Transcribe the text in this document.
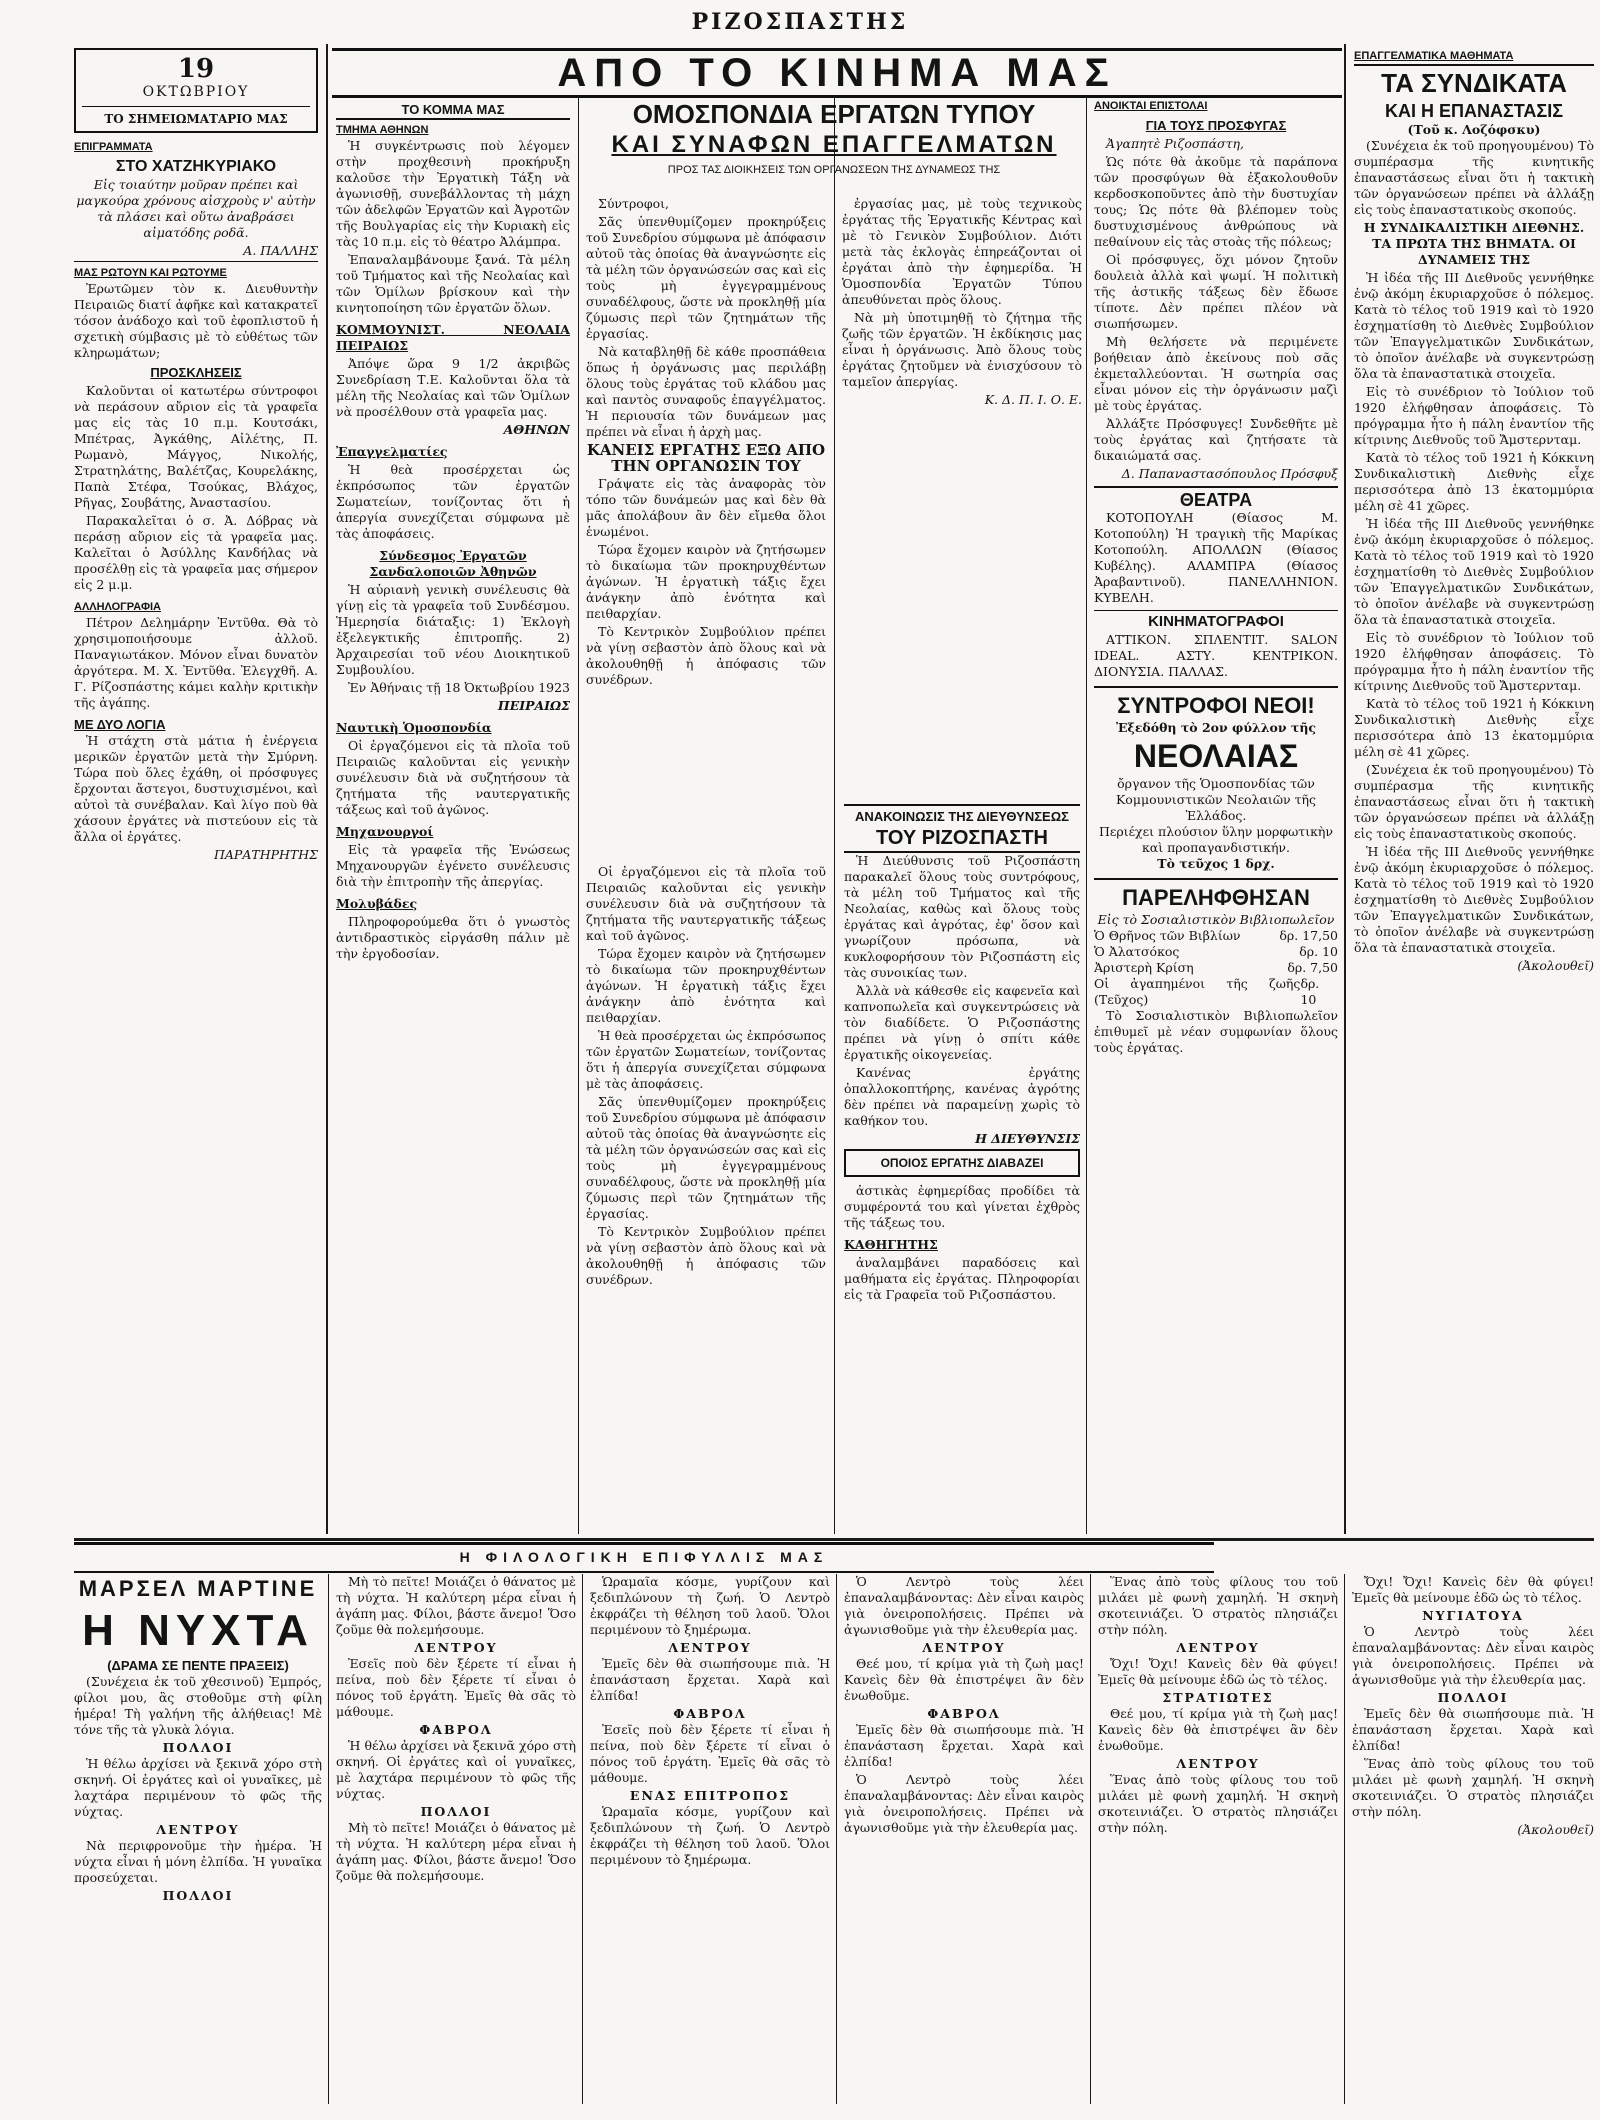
ΡΙΖΟΣΠΑΣΤΗΣ
ΑΠΟ ΤΟ ΚΙΝΗΜΑ ΜΑΣ
19
ΟΚΤΩΒΡΙΟΥ
ΤΟ ΣΗΜΕΙΩΜΑΤΑΡΙΟ ΜΑΣ
ΕΠΙΓΡΑΜΜΑΤΑ
ΣΤΟ ΧΑΤΖΗΚΥΡΙΑΚΟ

Εἰς τοιαύτην μοῦραν πρέπει καὶ μαγκούρα χρόνους αἰσχροὺς ν' αὐτὴν τὰ πλάσει καὶ οὕτω ἀναβράσει αἰματόδης ροδᾶ.

Α. ΠΑΛΛΗΣ

ΜΑΣ ΡΩΤΟΥΝ ΚΑΙ ΡΩΤΟΥΜΕ

Ἐρωτῶμεν τὸν κ. Διευθυντὴν Πειραιῶς διατί ἀφῆκε καὶ κατακρατεῖ τόσον ἀνάδοχο καὶ τοῦ ἐφοπλιστοῦ ἡ σχετικὴ σύμβασις μὲ τὸ εὐθέτως τῶν κληρωμάτων;

ΠΡΟΣΚΛΗΣΕΙΣ

Καλοῦνται οἱ κατωτέρω σύντροφοι νὰ περάσουν αὔριον εἰς τὰ γραφεῖα μας εἰς τὰς 10 π.μ. Κουτσάκι, Μπέτρας, Ἀγκάθης, Αἰλέτης, Π. Ρωμανὸ, Μάγγος, Νικολής, Στρατηλάτης, Βαλέτζας, Κουρελάκης, Παπὰ Στέφα, Τσούκας, Βλάχος, Ρῆγας, Σουβάτης, Ἀναστασίου.

Παρακαλεῖται ὁ σ. Ἀ. Δόβρας νὰ περάσῃ αὔριον εἰς τὰ γραφεῖα μας. Καλεῖται ὁ Ἀσύλλης Κανδήλας νὰ προσέλθῃ εἰς τὰ γραφεῖα μας σήμερον εἰς 2 μ.μ.

ΑΛΛΗΛΟΓΡΑΦΙΑ

Πέτρον Δελημάρην Ἐντῦθα. Θὰ τὸ χρησιμοποιήσουμε ἀλλοῦ. Παναγιωτάκον. Μόνον εἶναι δυνατὸν ἀργότερα. Μ. Χ. Ἐντῦθα. Ἐλεγχθῆ. Α. Γ. Ρίζοσπάστης κάμει καλὴν κριτικὴν τῆς ἀγάπης.

ΜΕ ΔΥΟ ΛΟΓΙΑ

Ἡ στάχτη στὰ μάτια ἡ ἐνέργεια μερικῶν ἐργατῶν μετὰ τὴν Σμύρνη. Τώρα ποὺ ὅλες ἐχάθη, οἱ πρόσφυγες ἔρχονται ἄστεγοι, δυστυχισμένοι, καὶ αὐτοὶ τὰ συνέβαλαν. Καὶ λίγο ποὺ θὰ χάσουν ἐργάτες νὰ πιστεύουν εἰς τὰ ἄλλα οἱ ἐργάτες.

ΠΑΡΑΤΗΡΗΤΗΣ

ΤΟ ΚΟΜΜΑ ΜΑΣ
ΤΜΗΜΑ ΑΘΗΝΩΝ

Ἡ συγκέντρωσις ποὺ λέγομεν στὴν προχθεσινὴ προκήρυξη καλοῦσε τὴν Ἐργατικὴ Τάξη νὰ ἀγωνισθῇ, συνεβάλλοντας τὴ μάχη τῶν ἀδελφῶν Ἐργατῶν καὶ Ἀγροτῶν τῆς Βουλγαρίας εἰς τὴν Κυριακὴ εἰς τὰς 10 π.μ. εἰς τὸ θέατρο Ἀλάμπρα.

Ἐπαναλαμβάνουμε ξανά. Τὰ μέλη τοῦ Τμήματος καὶ τῆς Νεολαίας καὶ τῶν Ὁμίλων βρίσκουν καὶ τὴν κινητοποίηση τῶν ἐργατῶν ὅλων.

ΚΟΜΜΟΥΝΙΣΤ. ΝΕΟΛΑΙΑ ΠΕΙΡΑΙΩΣ

Ἀπόψε ὥρα 9 1/2 ἀκριβῶς Συνεδρίαση Τ.Ε. Καλοῦνται ὅλα τὰ μέλη τῆς Νεολαίας καὶ τῶν Ὁμίλων νὰ προσέλθουν στὰ γραφεῖα μας.

ΑΘΗΝΩΝ
Ἐπαγγελματίες

Ἡ θεὰ προσέρχεται ὡς ἐκπρόσωπος τῶν ἐργατῶν Σωματείων, τονίζοντας ὅτι ἡ ἀπεργία συνεχίζεται σύμφωνα μὲ τὰς ἀποφάσεις.

Σύνδεσμος Ἐργατῶν Σανδαλοποιῶν Ἀθηνῶν

Ἡ αὐριανὴ γενικὴ συνέλευσις θὰ γίνῃ εἰς τὰ γραφεῖα τοῦ Συνδέσμου. Ἡμερησία διάταξις: 1) Ἐκλογὴ ἐξελεγκτικῆς ἐπιτροπῆς. 2) Ἀρχαιρεσίαι τοῦ νέου Διοικητικοῦ Συμβουλίου.

Ἐν Ἀθήναις τῇ 18 Ὀκτωβρίου 1923

ΠΕΙΡΑΙΩΣ
Ναυτικὴ Ὁμοσπονδία

Οἱ ἐργαζόμενοι εἰς τὰ πλοῖα τοῦ Πειραιῶς καλοῦνται εἰς γενικὴν συνέλευσιν διὰ νὰ συζητήσουν τὰ ζητήματα τῆς ναυτεργατικῆς τάξεως καὶ τοῦ ἀγῶνος.

Μηχανουργοί

Εἰς τὰ γραφεῖα τῆς Ἑνώσεως Μηχανουργῶν ἐγένετο συνέλευσις διὰ τὴν ἐπιτροπὴν τῆς ἀπεργίας.

Μολυβάδες

Πληροφορούμεθα ὅτι ὁ γνωστὸς ἀντιδραστικὸς εἰργάσθη πάλιν μὲ τὴν ἐργοδοσίαν.

ΟΜΟΣΠΟΝΔΙΑ ΕΡΓΑΤΩΝ ΤΥΠΟΥ
ΚΑΙ ΣΥΝΑΦΩΝ ΕΠΑΓΓΕΛΜΑΤΩΝ
ΠΡΟΣ ΤΑΣ ΔΙΟΙΚΗΣΕΙΣ ΤΩΝ ΟΡΓΑΝΩΣΕΩΝ ΤΗΣ ΔΥΝΑΜΕΩΣ ΤΗΣ

Σύντροφοι,

Σᾶς ὑπενθυμίζομεν προκηρύξεις τοῦ Συνεδρίου σύμφωνα μὲ ἀπόφασιν αὐτοῦ τὰς ὁποίας θὰ ἀναγνώσητε εἰς τὰ μέλη τῶν ὀργανώσεών σας καὶ εἰς τοὺς μὴ ἐγγεγραμμένους συναδέλφους, ὥστε νὰ προκληθῇ μία ζύμωσις περὶ τῶν ζητημάτων τῆς ἐργασίας.

Νὰ καταβληθῇ δὲ κάθε προσπάθεια ὅπως ἡ ὀργάνωσις μας περιλάβῃ ὅλους τοὺς ἐργάτας τοῦ κλάδου μας καὶ παντὸς συναφοῦς ἐπαγγέλματος. Ἡ περιουσία τῶν δυνάμεων μας πρέπει νὰ εἶναι ἡ ἀρχὴ μας.

ΚΑΝΕΙΣ ΕΡΓΑΤΗΣ ΕΞΩ ΑΠΟ ΤΗΝ ΟΡΓΑΝΩΣΙΝ ΤΟΥ

Γράψατε εἰς τὰς ἀναφορὰς τὸν τόπο τῶν δυνάμεών μας καὶ δὲν θὰ μᾶς ἀπολάβουν ἂν δὲν εἴμεθα ὅλοι ἑνωμένοι.

Τώρα ἔχομεν καιρὸν νὰ ζητήσωμεν τὸ δικαίωμα τῶν προκηρυχθέντων ἀγώνων. Ἡ ἐργατικὴ τάξις ἔχει ἀνάγκην ἀπὸ ἑνότητα καὶ πειθαρχίαν.

Τὸ Κεντρικὸν Συμβούλιον πρέπει νὰ γίνῃ σεβαστὸν ἀπὸ ὅλους καὶ νὰ ἀκολουθηθῇ ἡ ἀπόφασις τῶν συνέδρων.

ἐργασίας μας, μὲ τοὺς τεχνικοὺς ἐργάτας τῆς Ἐργατικῆς Κέντρας καὶ μὲ τὸ Γενικὸν Συμβούλιον. Διότι μετὰ τὰς ἐκλογὰς ἐπηρεάζονται οἱ ἐργάται ἀπὸ τὴν ἐφημερίδα. Ἡ Ὁμοσπονδία Ἐργατῶν Τύπου ἀπευθύνεται πρὸς ὅλους.

Νὰ μὴ ὑποτιμηθῇ τὸ ζήτημα τῆς ζωῆς τῶν ἐργατῶν. Ἡ ἐκδίκησις μας εἶναι ἡ ὀργάνωσις. Ἀπὸ ὅλους τοὺς ἐργάτας ζητοῦμεν νὰ ἐνισχύσουν τὸ ταμεῖον ἀπεργίας.

Κ. Δ. Π. Ι. Ο. Ε.

ΑΝΑΚΟΙΝΩΣΙΣ ΤΗΣ ΔΙΕΥΘΥΝΣΕΩΣ
ΤΟΥ ΡΙΖΟΣΠΑΣΤΗ

Ἡ Διεύθυνσις τοῦ Ριζοσπάστη παρακαλεῖ ὅλους τοὺς συντρόφους, τὰ μέλη τοῦ Τμήματος καὶ τῆς Νεολαίας, καθὼς καὶ ὅλους τοὺς ἐργάτας καὶ ἀγρότας, ἐφ' ὅσον καὶ γνωρίζουν πρόσωπα, νὰ κυκλοφορήσουν τὸν Ριζοσπάστη εἰς τὰς συνοικίας των.

Ἀλλὰ νὰ κάθεσθε εἰς καφενεῖα καὶ καπνοπωλεῖα καὶ συγκεντρώσεις νὰ τὸν διαδίδετε. Ὁ Ριζοσπάστης πρέπει νὰ γίνῃ ὁ σπίτι κάθε ἐργατικῆς οἰκογενείας.

Κανένας ἐργάτης ὀπαλλοκοπτήρης, κανένας ἀγρότης δὲν πρέπει νὰ παραμείνῃ χωρὶς τὸ καθήκον του.

Η ΔΙΕΥΘΥΝΣΙΣ

ΟΠΟΙΟΣ ΕΡΓΑΤΗΣ ΔΙΑΒΑΖΕΙ

ἀστικὰς ἐφημερίδας προδίδει τὰ συμφέροντά του καὶ γίνεται ἐχθρὸς τῆς τάξεως του.

ΚΑΘΗΓΗΤΗΣ

ἀναλαμβάνει παραδόσεις καὶ μαθήματα εἰς ἐργάτας. Πληροφορίαι εἰς τὰ Γραφεῖα τοῦ Ριζοσπάστου.

Οἱ ἐργαζόμενοι εἰς τὰ πλοῖα τοῦ Πειραιῶς καλοῦνται εἰς γενικὴν συνέλευσιν διὰ νὰ συζητήσουν τὰ ζητήματα τῆς ναυτεργατικῆς τάξεως καὶ τοῦ ἀγῶνος.

Τώρα ἔχομεν καιρὸν νὰ ζητήσωμεν τὸ δικαίωμα τῶν προκηρυχθέντων ἀγώνων. Ἡ ἐργατικὴ τάξις ἔχει ἀνάγκην ἀπὸ ἑνότητα καὶ πειθαρχίαν.

Ἡ θεὰ προσέρχεται ὡς ἐκπρόσωπος τῶν ἐργατῶν Σωματείων, τονίζοντας ὅτι ἡ ἀπεργία συνεχίζεται σύμφωνα μὲ τὰς ἀποφάσεις.

Σᾶς ὑπενθυμίζομεν προκηρύξεις τοῦ Συνεδρίου σύμφωνα μὲ ἀπόφασιν αὐτοῦ τὰς ὁποίας θὰ ἀναγνώσητε εἰς τὰ μέλη τῶν ὀργανώσεών σας καὶ εἰς τοὺς μὴ ἐγγεγραμμένους συναδέλφους, ὥστε νὰ προκληθῇ μία ζύμωσις περὶ τῶν ζητημάτων τῆς ἐργασίας.

Τὸ Κεντρικὸν Συμβούλιον πρέπει νὰ γίνῃ σεβαστὸν ἀπὸ ὅλους καὶ νὰ ἀκολουθηθῇ ἡ ἀπόφασις τῶν συνέδρων.

ΑΝΟΙΚΤΑΙ ΕΠΙΣΤΟΛΑΙ
ΓΙΑ ΤΟΥΣ ΠΡΟΣΦΥΓΑΣ

Ἀγαπητὲ Ριζοσπάστη,

Ὡς πότε θὰ ἀκοῦμε τὰ παράπονα τῶν προσφύγων θὰ ἐξακολουθοῦν κερδοσκοποῦντες ἀπὸ τὴν δυστυχίαν τους; Ὡς πότε θὰ βλέπομεν τοὺς δυστυχισμένους ἀνθρώπους νὰ πεθαίνουν εἰς τὰς στοὰς τῆς πόλεως;

Οἱ πρόσφυγες, ὅχι μόνον ζητοῦν δουλειὰ ἀλλὰ καὶ ψωμί. Ἡ πολιτικὴ τῆς ἀστικῆς τάξεως δὲν ἔδωσε τίποτε. Δὲν πρέπει πλέον νὰ σιωπήσωμεν.

Μὴ θελήσετε νὰ περιμένετε βοήθειαν ἀπὸ ἐκείνους ποὺ σᾶς ἐκμεταλλεύονται. Ἡ σωτηρία σας εἶναι μόνον εἰς τὴν ὀργάνωσιν μαζὶ μὲ τοὺς ἐργάτας.

Ἀλλάξτε Πρόσφυγες! Συνδεθῆτε μὲ τοὺς ἐργάτας καὶ ζητήσατε τὰ δικαιώματά σας.

Δ. Παπαναστασόπουλος Πρόσφυξ

ΘΕΑΤΡΑ

ΚΟΤΟΠΟΥΛΗ (Θίασος Μ. Κοτοπούλη) Ἡ τραγικὴ τῆς Μαρίκας Κοτοπούλη. ΑΠΟΛΛΩΝ (Θίασος Κυβέλης). ΑΛΑΜΠΡΑ (Θίασος Ἀραβαντινοῦ). ΠΑΝΕΛΛΗΝΙΟΝ. ΚΥΒΕΛΗ.

ΚΙΝΗΜΑΤΟΓΡΑΦΟΙ

ΑΤΤΙΚΟΝ. ΣΠΛΕΝΤΙΤ. SALON IDEAL. ΑΣΤΥ. ΚΕΝΤΡΙΚΟΝ. ΔΙΟΝΥΣΙΑ. ΠΑΛΛΑΣ.

ΣΥΝΤΡΟΦΟΙ ΝΕΟΙ!
Ἐξεδόθη τὸ 2ον φύλλον τῆς
ΝΕΟΛΑΙΑΣ
ὄργανον τῆς Ὁμοσπονδίας τῶν Κομμουνιστικῶν Νεολαιῶν τῆς Ἑλλάδος.
Περιέχει πλούσιον ὕλην μορφωτικὴν καὶ προπαγανδιστικήν.
Τὸ τεῦχος 1 δρχ.
ΠΑΡΕΛΗΦΘΗΣΑΝ
Εἰς τὸ Σοσιαλιστικὸν Βιβλιοπωλεῖον
Ὁ Θρῆνος τῶν Βιβλίων	δρ. 17,50
Ὁ Ἀλατσόκος	δρ. 10
Ἀριστερὴ Κρίση	δρ. 7,50
Οἱ ἀγαπημένοι τῆς ζωῆς (Τεῦχος)
δρ. 10

Τὸ Σοσιαλιστικὸν Βιβλιοπωλεῖον ἐπιθυμεῖ μὲ νέαν συμφωνίαν ὅλους τοὺς ἐργάτας.

ΕΠΑΓΓΕΛΜΑΤΙΚΑ ΜΑΘΗΜΑΤΑ
ΤΑ ΣΥΝΔΙΚΑΤΑ
ΚΑΙ Η ΕΠΑΝΑΣΤΑΣΙΣ
(Τοῦ κ. Λοζόφσκυ)

(Συνέχεια ἐκ τοῦ προηγουμένου) Τὸ συμπέρασμα τῆς κινητικῆς ἐπαναστάσεως εἶναι ὅτι ἡ τακτικὴ τῶν ὀργανώσεων πρέπει νὰ ἀλλάξῃ εἰς τοὺς ἐπαναστατικοὺς σκοπούς.

Η ΣΥΝΔΙΚΑΛΙΣΤΙΚΗ ΔΙΕΘΝΗΣ. ΤΑ ΠΡΩΤΑ ΤΗΣ ΒΗΜΑΤΑ. ΟΙ ΔΥΝΑΜΕΙΣ ΤΗΣ

Ἡ ἰδέα τῆς ΙΙΙ Διεθνοῦς γεννήθηκε ἐνῷ ἀκόμη ἐκυριαρχοῦσε ὁ πόλεμος. Κατὰ τὸ τέλος τοῦ 1919 καὶ τὸ 1920 ἐσχηματίσθη τὸ Διεθνὲς Συμβούλιον τῶν Ἐπαγγελματικῶν Συνδικάτων, τὸ ὁποῖον ἀνέλαβε νὰ συγκεντρώσῃ ὅλα τὰ ἐπαναστατικὰ στοιχεῖα.

Εἰς τὸ συνέδριον τὸ Ἰούλιον τοῦ 1920 ἐλήφθησαν ἀποφάσεις. Τὸ πρόγραμμα ἦτο ἡ πάλη ἐναντίον τῆς κίτρινης Διεθνοῦς τοῦ Ἄμστερνταμ.

Κατὰ τὸ τέλος τοῦ 1921 ἡ Κόκκινη Συνδικαλιστικὴ Διεθνὴς εἶχε περισσότερα ἀπὸ 13 ἑκατομμύρια μέλη σὲ 41 χῶρες.

Ἡ ἰδέα τῆς ΙΙΙ Διεθνοῦς γεννήθηκε ἐνῷ ἀκόμη ἐκυριαρχοῦσε ὁ πόλεμος. Κατὰ τὸ τέλος τοῦ 1919 καὶ τὸ 1920 ἐσχηματίσθη τὸ Διεθνὲς Συμβούλιον τῶν Ἐπαγγελματικῶν Συνδικάτων, τὸ ὁποῖον ἀνέλαβε νὰ συγκεντρώσῃ ὅλα τὰ ἐπαναστατικὰ στοιχεῖα.

Εἰς τὸ συνέδριον τὸ Ἰούλιον τοῦ 1920 ἐλήφθησαν ἀποφάσεις. Τὸ πρόγραμμα ἦτο ἡ πάλη ἐναντίον τῆς κίτρινης Διεθνοῦς τοῦ Ἄμστερνταμ.

Κατὰ τὸ τέλος τοῦ 1921 ἡ Κόκκινη Συνδικαλιστικὴ Διεθνὴς εἶχε περισσότερα ἀπὸ 13 ἑκατομμύρια μέλη σὲ 41 χῶρες.

(Συνέχεια ἐκ τοῦ προηγουμένου) Τὸ συμπέρασμα τῆς κινητικῆς ἐπαναστάσεως εἶναι ὅτι ἡ τακτικὴ τῶν ὀργανώσεων πρέπει νὰ ἀλλάξῃ εἰς τοὺς ἐπαναστατικοὺς σκοπούς.

Ἡ ἰδέα τῆς ΙΙΙ Διεθνοῦς γεννήθηκε ἐνῷ ἀκόμη ἐκυριαρχοῦσε ὁ πόλεμος. Κατὰ τὸ τέλος τοῦ 1919 καὶ τὸ 1920 ἐσχηματίσθη τὸ Διεθνὲς Συμβούλιον τῶν Ἐπαγγελματικῶν Συνδικάτων, τὸ ὁποῖον ἀνέλαβε νὰ συγκεντρώσῃ ὅλα τὰ ἐπαναστατικὰ στοιχεῖα.

(Ἀκολουθεῖ)

Η ΦΙΛΟΛΟΓΙΚΗ ΕΠΙΦΥΛΛΙΣ ΜΑΣ
ΜΑΡΣΕΛ ΜΑΡΤΙΝΕ
Η ΝΥΧΤΑ
(ΔΡΑΜΑ ΣΕ ΠΕΝΤΕ ΠΡΑΞΕΙΣ)

(Συνέχεια ἐκ τοῦ χθεσινοῦ) Ἐμπρός, φίλοι μου, ἂς στοθοῦμε στὴ φίλη ἡμέρα! Τὴ γαλήνη τῆς ἀλήθειας! Μὲ τόνε τῆς τὰ γλυκὰ λόγια.

ΠΟΛΛΟΙ

Ἡ θέλω ἀρχίσει νὰ ξεκινᾶ χόρο στὴ σκηνή. Οἱ ἐργάτες καὶ οἱ γυναῖκες, μὲ λαχτάρα περιμένουν τὸ φῶς τῆς νύχτας.

ΛΕΝΤΡΟΥ

Νὰ περιφρονοῦμε τὴν ἡμέρα. Ἡ νύχτα εἶναι ἡ μόνη ἐλπίδα. Ἡ γυναῖκα προσεύχεται.

ΠΟΛΛΟΙ

Μὴ τὸ πεῖτε! Μοιάζει ὁ θάνατος μὲ τὴ νύχτα. Ἡ καλύτερη μέρα εἶναι ἡ ἀγάπη μας. Φίλοι, βάστε ἄνεμο! Ὅσο ζοῦμε θὰ πολεμήσουμε.

ΛΕΝΤΡΟΥ

Ἐσεῖς ποὺ δὲν ξέρετε τί εἶναι ἡ πείνα, ποὺ δὲν ξέρετε τί εἶναι ὁ πόνος τοῦ ἐργάτη. Ἐμεῖς θὰ σᾶς τὸ μάθουμε.

ΦΑΒΡΟΛ

Ἡ θέλω ἀρχίσει νὰ ξεκινᾶ χόρο στὴ σκηνή. Οἱ ἐργάτες καὶ οἱ γυναῖκες, μὲ λαχτάρα περιμένουν τὸ φῶς τῆς νύχτας.

ΠΟΛΛΟΙ

Μὴ τὸ πεῖτε! Μοιάζει ὁ θάνατος μὲ τὴ νύχτα. Ἡ καλύτερη μέρα εἶναι ἡ ἀγάπη μας. Φίλοι, βάστε ἄνεμο! Ὅσο ζοῦμε θὰ πολεμήσουμε.

Ὡραμαῖα κόσμε, γυρίζουν καὶ ξεδιπλώνουν τὴ ζωή. Ὁ Λεντρὸ ἐκφράζει τὴ θέληση τοῦ λαοῦ. Ὅλοι περιμένουν τὸ ξημέρωμα.

ΛΕΝΤΡΟΥ

Ἐμεῖς δὲν θὰ σιωπήσουμε πιὰ. Ἡ ἐπανάσταση ἔρχεται. Χαρὰ καὶ ἐλπίδα!

ΦΑΒΡΟΛ

Ἐσεῖς ποὺ δὲν ξέρετε τί εἶναι ἡ πείνα, ποὺ δὲν ξέρετε τί εἶναι ὁ πόνος τοῦ ἐργάτη. Ἐμεῖς θὰ σᾶς τὸ μάθουμε.

ΕΝΑΣ ΕΠΙΤΡΟΠΟΣ

Ὡραμαῖα κόσμε, γυρίζουν καὶ ξεδιπλώνουν τὴ ζωή. Ὁ Λεντρὸ ἐκφράζει τὴ θέληση τοῦ λαοῦ. Ὅλοι περιμένουν τὸ ξημέρωμα.

Ὁ Λεντρὸ τοὺς λέει ἐπαναλαμβάνοντας: Δὲν εἶναι καιρὸς γιὰ ὀνειροπολήσεις. Πρέπει νὰ ἀγωνισθοῦμε γιὰ τὴν ἐλευθερία μας.

ΛΕΝΤΡΟΥ

Θεέ μου, τί κρίμα γιὰ τὴ ζωὴ μας! Κανεὶς δὲν θὰ ἐπιστρέψει ἂν δὲν ἑνωθοῦμε.

ΦΑΒΡΟΛ

Ἐμεῖς δὲν θὰ σιωπήσουμε πιὰ. Ἡ ἐπανάσταση ἔρχεται. Χαρὰ καὶ ἐλπίδα!

Ὁ Λεντρὸ τοὺς λέει ἐπαναλαμβάνοντας: Δὲν εἶναι καιρὸς γιὰ ὀνειροπολήσεις. Πρέπει νὰ ἀγωνισθοῦμε γιὰ τὴν ἐλευθερία μας.

Ἕνας ἀπὸ τοὺς φίλους του τοῦ μιλάει μὲ φωνὴ χαμηλή. Ἡ σκηνὴ σκοτεινιάζει. Ὁ στρατὸς πλησιάζει στὴν πόλη.

ΛΕΝΤΡΟΥ

Ὄχι! Ὄχι! Κανεὶς δὲν θὰ φύγει! Ἐμεῖς θὰ μείνουμε ἐδῶ ὡς τὸ τέλος.

ΣΤΡΑΤΙΩΤΕΣ

Θεέ μου, τί κρίμα γιὰ τὴ ζωὴ μας! Κανεὶς δὲν θὰ ἐπιστρέψει ἂν δὲν ἑνωθοῦμε.

ΛΕΝΤΡΟΥ

Ἕνας ἀπὸ τοὺς φίλους του τοῦ μιλάει μὲ φωνὴ χαμηλή. Ἡ σκηνὴ σκοτεινιάζει. Ὁ στρατὸς πλησιάζει στὴν πόλη.

Ὄχι! Ὄχι! Κανεὶς δὲν θὰ φύγει! Ἐμεῖς θὰ μείνουμε ἐδῶ ὡς τὸ τέλος.

ΝΥΓΙΑΤΟΥΑ

Ὁ Λεντρὸ τοὺς λέει ἐπαναλαμβάνοντας: Δὲν εἶναι καιρὸς γιὰ ὀνειροπολήσεις. Πρέπει νὰ ἀγωνισθοῦμε γιὰ τὴν ἐλευθερία μας.

ΠΟΛΛΟΙ

Ἐμεῖς δὲν θὰ σιωπήσουμε πιὰ. Ἡ ἐπανάσταση ἔρχεται. Χαρὰ καὶ ἐλπίδα!

Ἕνας ἀπὸ τοὺς φίλους του τοῦ μιλάει μὲ φωνὴ χαμηλή. Ἡ σκηνὴ σκοτεινιάζει. Ὁ στρατὸς πλησιάζει στὴν πόλη.

(Ἀκολουθεῖ)
